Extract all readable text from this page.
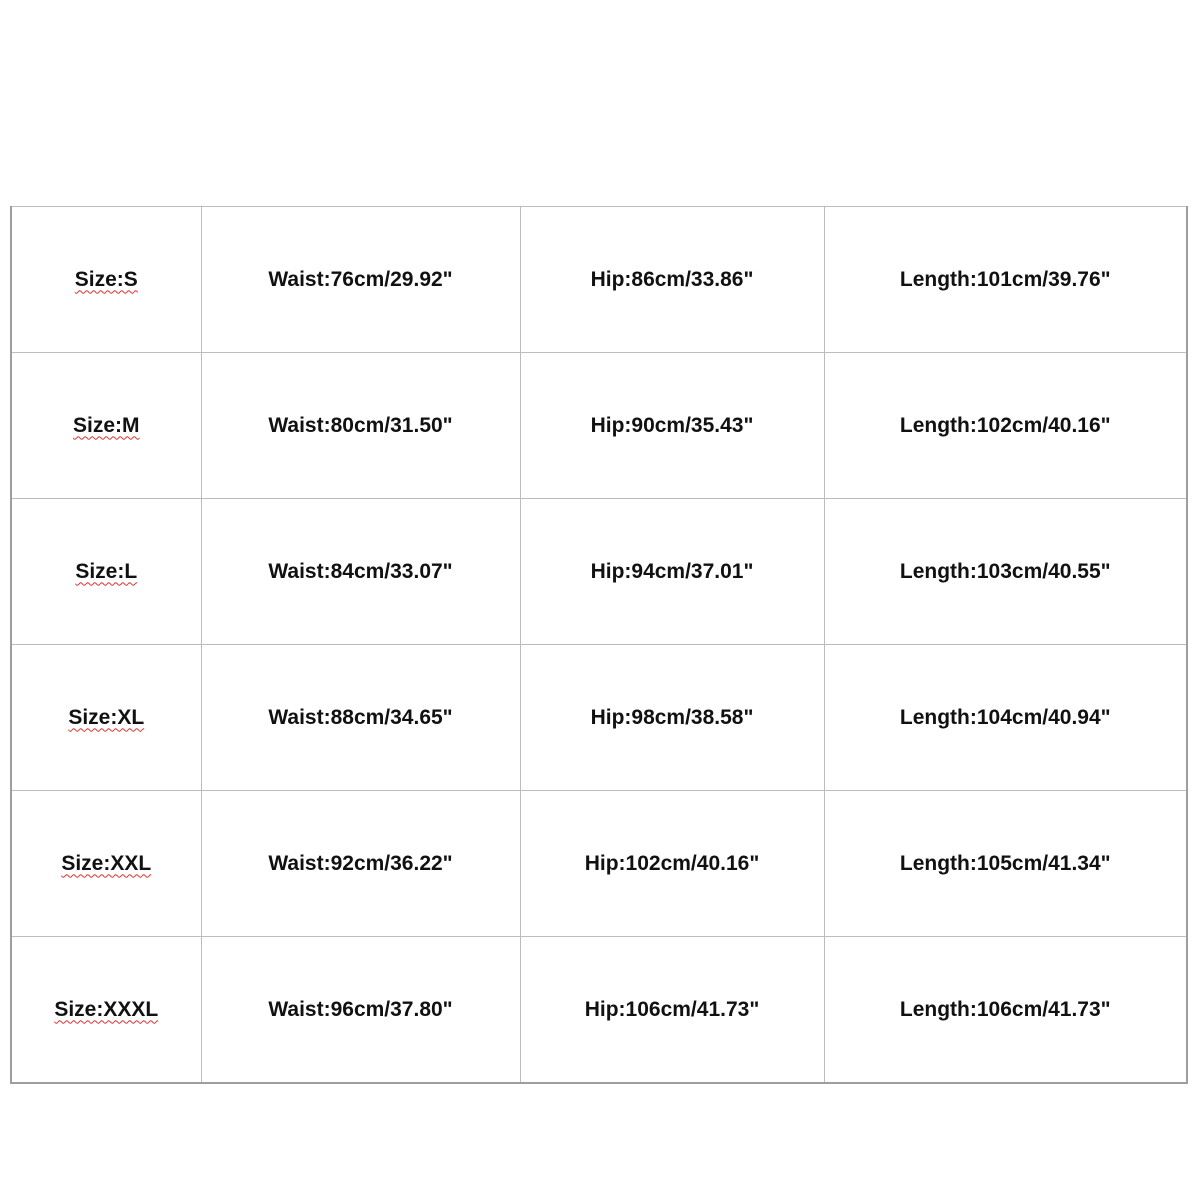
Size:S	Waist:76cm/29.92"	Hip:86cm/33.86"	Length:101cm/39.76"
Size:M	Waist:80cm/31.50"	Hip:90cm/35.43"	Length:102cm/40.16"
Size:L	Waist:84cm/33.07"	Hip:94cm/37.01"	Length:103cm/40.55"
Size:XL	Waist:88cm/34.65"	Hip:98cm/38.58"	Length:104cm/40.94"
Size:XXL	Waist:92cm/36.22"	Hip:102cm/40.16"	Length:105cm/41.34"
Size:XXXL	Waist:96cm/37.80"	Hip:106cm/41.73"	Length:106cm/41.73"
